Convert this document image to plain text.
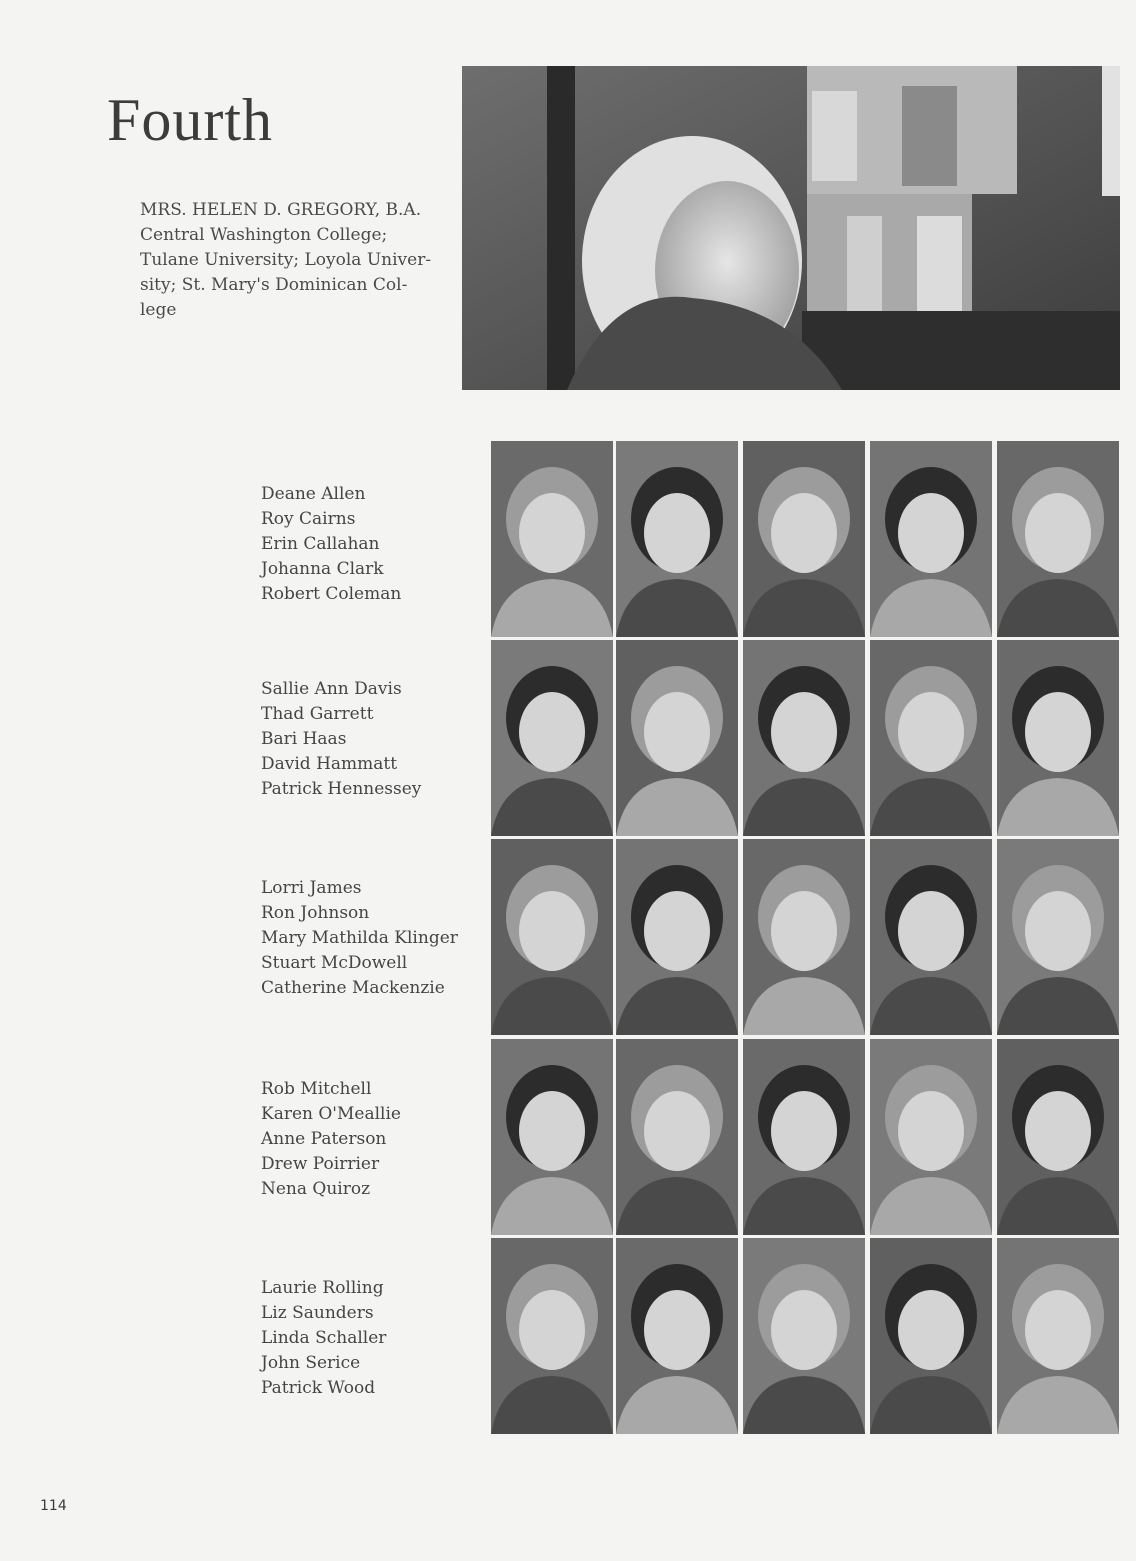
Fourth
MRS. HELEN D. GREGORY, B.A.
Central Washington College;
Tulane University; Loyola Univer-
sity; St. Mary's Dominican Col-
lege
Deane Allen
Roy Cairns
Erin Callahan
Johanna Clark
Robert Coleman
Sallie Ann Davis
Thad Garrett
Bari Haas
David Hammatt
Patrick Hennessey
Lorri James
Ron Johnson
Mary Mathilda Klinger
Stuart McDowell
Catherine Mackenzie
Rob Mitchell
Karen O'Meallie
Anne Paterson
Drew Poirrier
Nena Quiroz
Laurie Rolling
Liz Saunders
Linda Schaller
John Serice
Patrick Wood
114
